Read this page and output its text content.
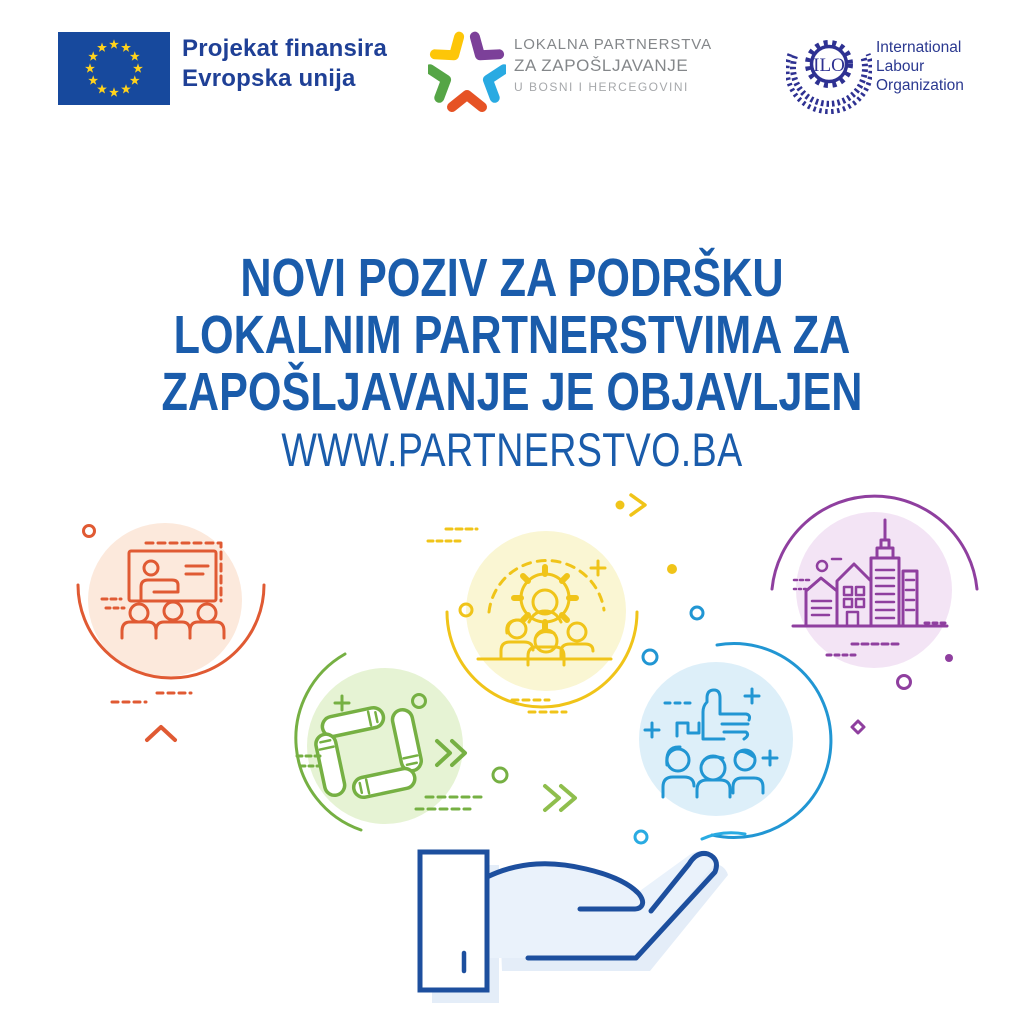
Projekat finansira
Evropska unija

LOKALNA PARTNERSTVA

ZA ZAPOŠLJAVANJE

U BOSNI I HERCEGOVINI

ILO
International
Labour
Organization
NOVI POZIV ZA PODRŠKU
LOKALNIM PARTNERSTVIMA ZA
ZAPOŠLJAVANJE JE OBJAVLJEN
WWW.PARTNERSTVO.BA
